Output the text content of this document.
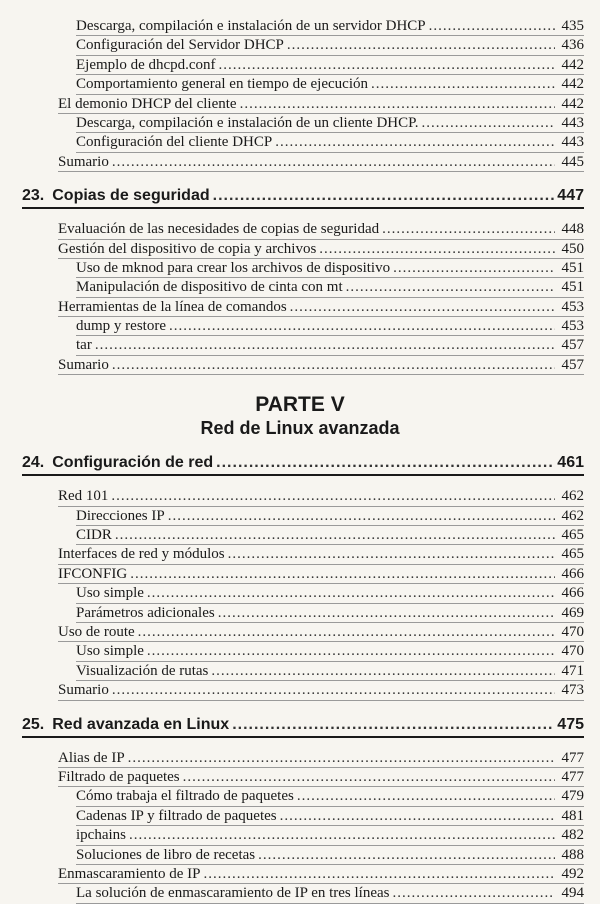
Descarga, compilación e instalación de un servidor DHCP .....	435
Configuración del Servidor DHCP .....	436
Ejemplo de dhcpd.conf .....	442
Comportamiento general en tiempo de ejecución .....	442
El demonio DHCP del cliente .....	442
Descarga, compilación e instalación de un cliente DHCP. .....	443
Configuración del cliente DHCP .....	443
Sumario .....	445
23. Copias de seguridad .....	447
Evaluación de las necesidades de copias de seguridad .....	448
Gestión del dispositivo de copia y archivos .....	450
Uso de mknod para crear los archivos de dispositivo .....	451
Manipulación de dispositivo de cinta con mt .....	451
Herramientas de la línea de comandos .....	453
dump y restore .....	453
tar .....	457
Sumario .....	457
PARTE V
Red de Linux avanzada
24. Configuración de red .....	461
Red 101 .....	462
Direcciones IP .....	462
CIDR .....	465
Interfaces de red y módulos .....	465
IFCONFIG .....	466
Uso simple .....	466
Parámetros adicionales .....	469
Uso de route .....	470
Uso simple .....	470
Visualización de rutas .....	471
Sumario .....	473
25. Red avanzada en Linux .....	475
Alias de IP .....	477
Filtrado de paquetes .....	477
Cómo trabaja el filtrado de paquetes .....	479
Cadenas IP y filtrado de paquetes .....	481
ipchains .....	482
Soluciones de libro de recetas .....	488
Enmascaramiento de IP .....	492
La solución de enmascaramiento de IP en tres líneas .....	494
